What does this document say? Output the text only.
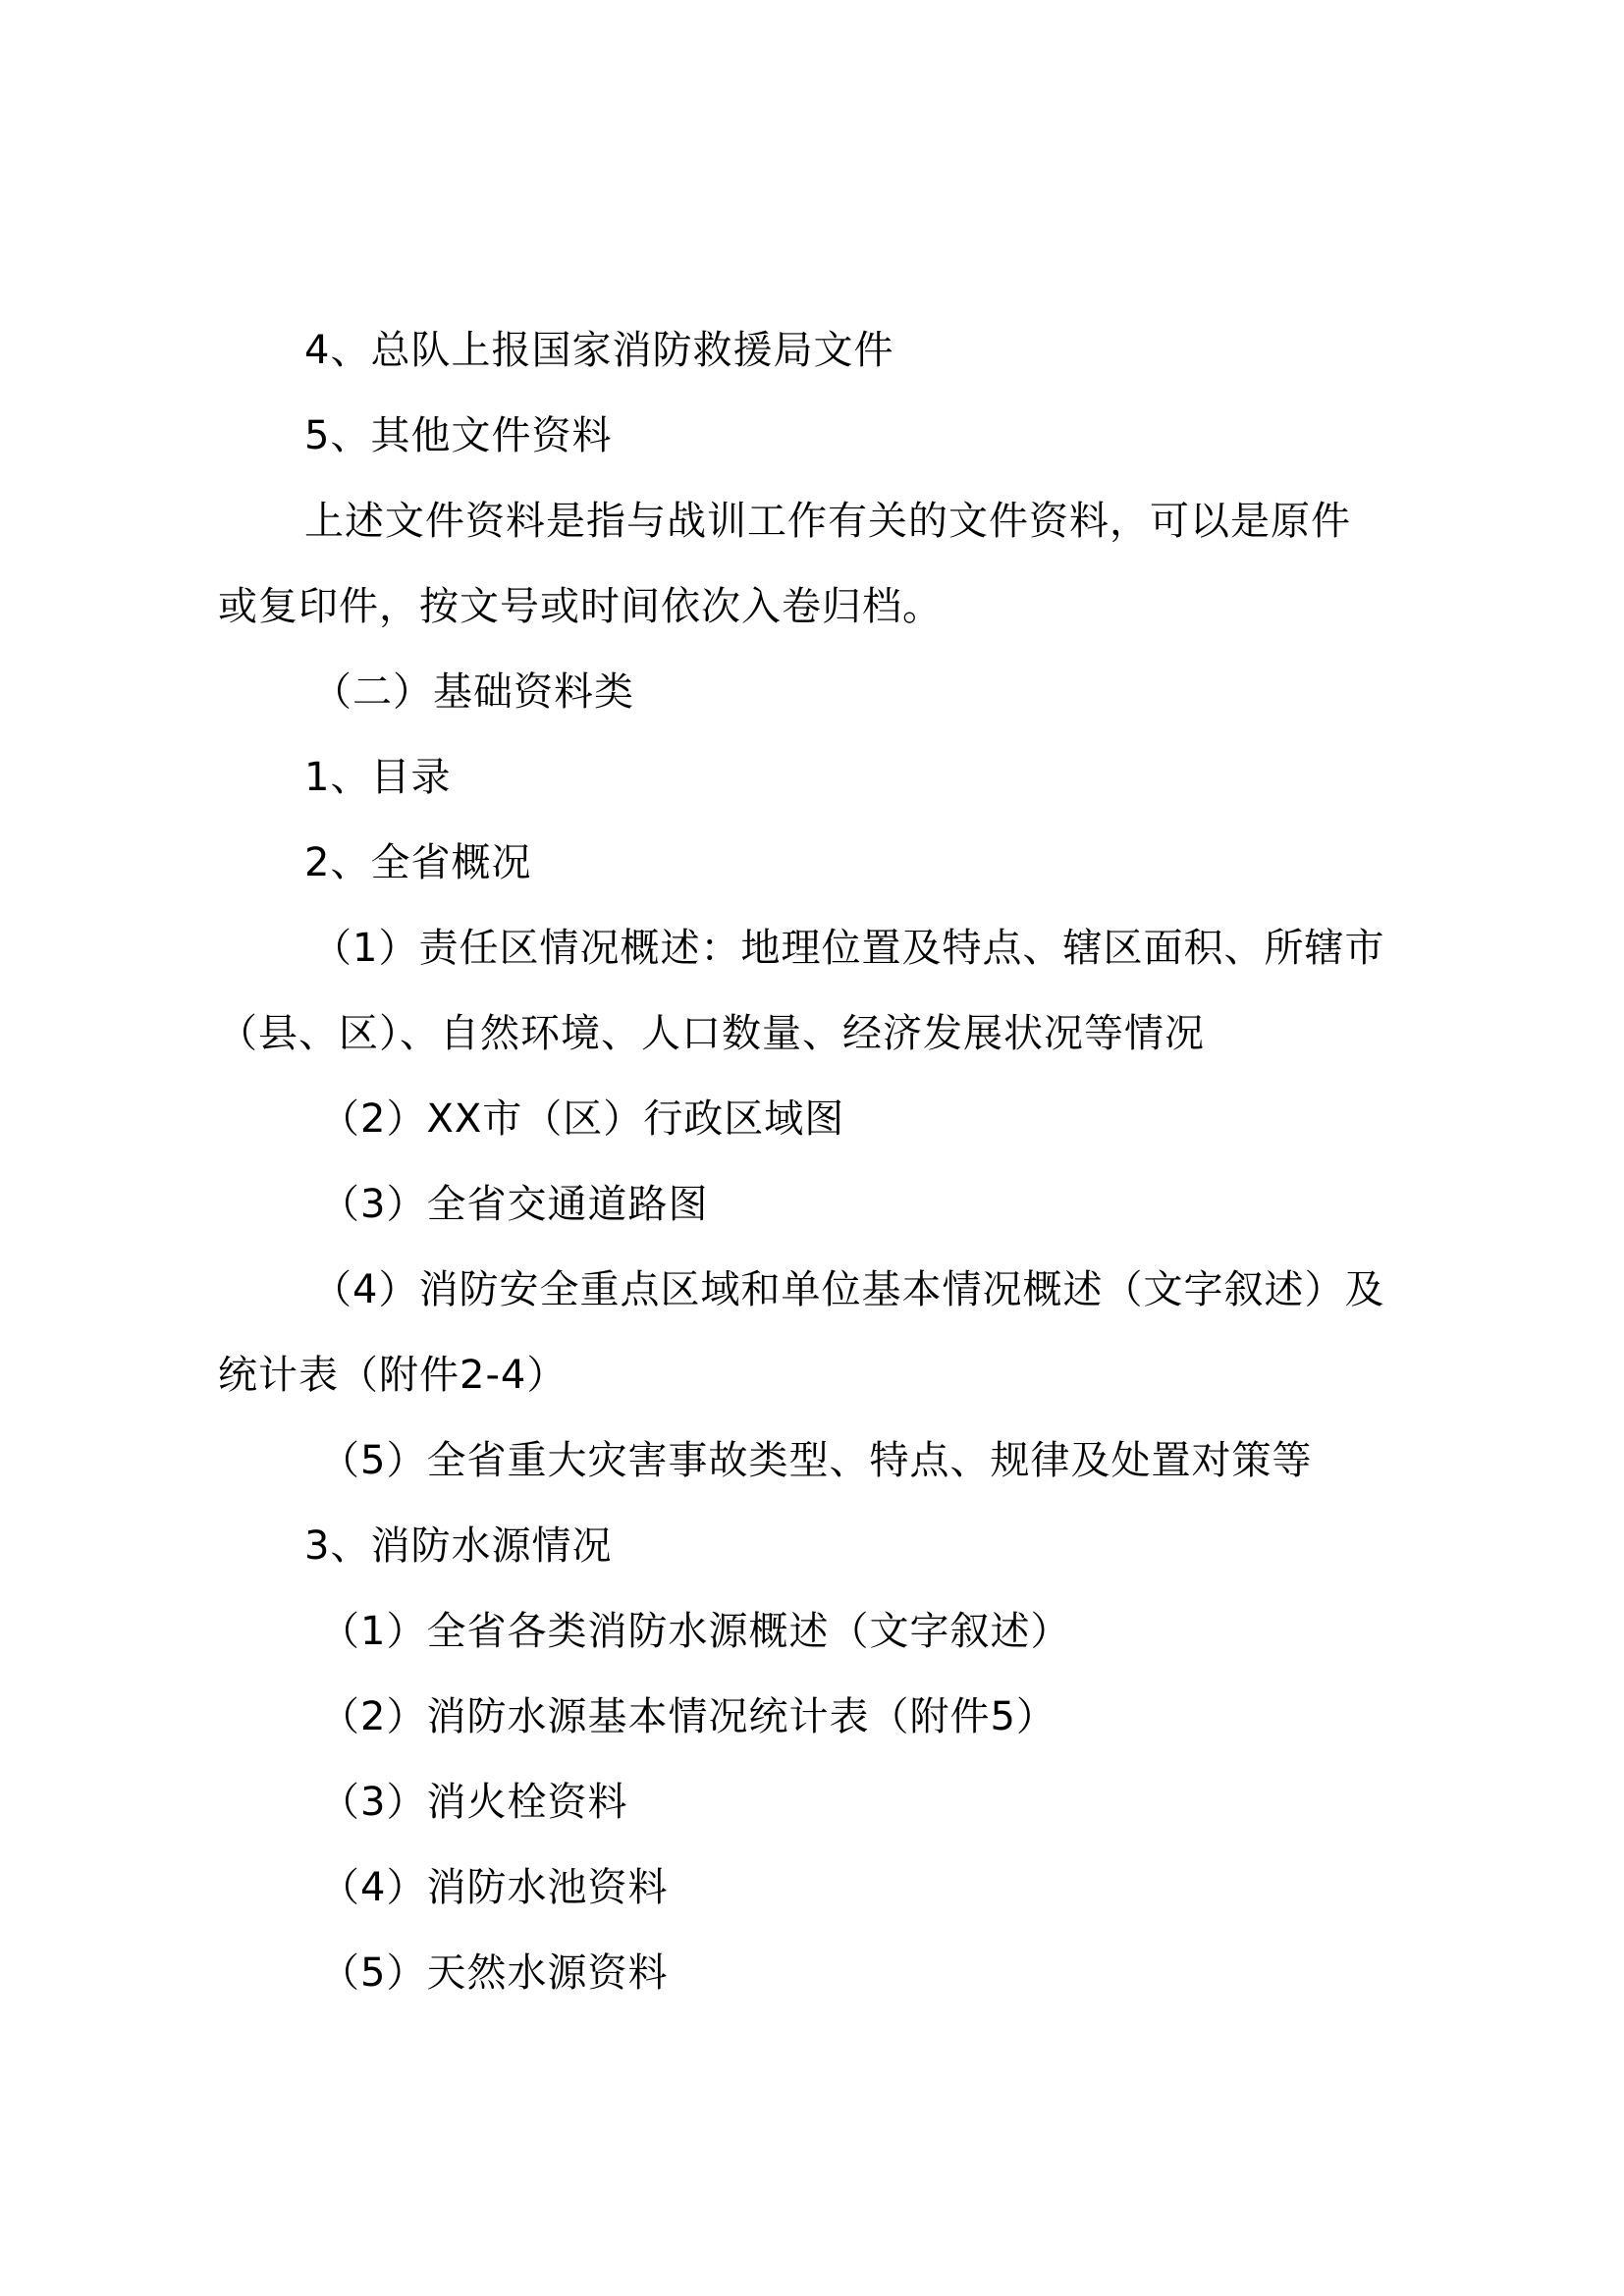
4、总队上报国家消防救援局文件
5、其他文件资料
上述文件资料是指与战训工作有关的文件资料，可以是原件
或复印件，按文号或时间依次入卷归档。
（二）基础资料类
1、目录
2、全省概况
（1）责任区情况概述：地理位置及特点、辖区面积、所辖市
（县、区）、自然环境、人口数量、经济发展状况等情况
（2）XX市（区）行政区域图
（3）全省交通道路图
（4）消防安全重点区域和单位基本情况概述（文字叙述）及
统计表（附件2-4）
（5）全省重大灾害事故类型、特点、规律及处置对策等
3、消防水源情况
（1）全省各类消防水源概述（文字叙述）
（2）消防水源基本情况统计表（附件5）
（3）消火栓资料
（4）消防水池资料
（5）天然水源资料
